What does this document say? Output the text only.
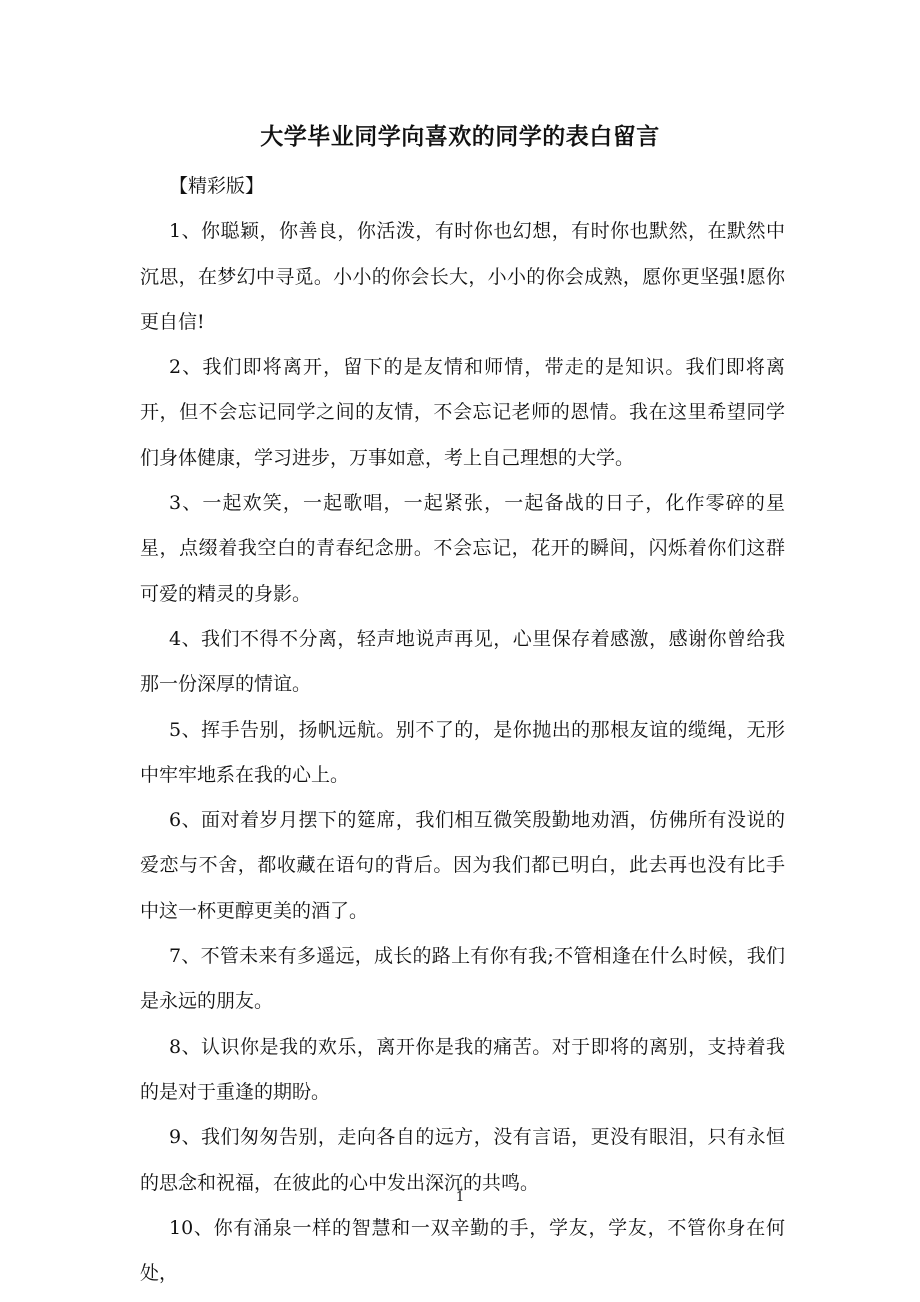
大学毕业同学向喜欢的同学的表白留言

【精彩版】

1、你聪颖，你善良，你活泼，有时你也幻想，有时你也默然，在默然中沉思，在梦幻中寻觅。小小的你会长大，小小的你会成熟，愿你更坚强!愿你更自信!

2、我们即将离开，留下的是友情和师情，带走的是知识。我们即将离开，但不会忘记同学之间的友情，不会忘记老师的恩情。我在这里希望同学们身体健康，学习进步，万事如意，考上自己理想的大学。

3、一起欢笑，一起歌唱，一起紧张，一起备战的日子，化作零碎的星星，点缀着我空白的青春纪念册。不会忘记，花开的瞬间，闪烁着你们这群可爱的精灵的身影。

4、我们不得不分离，轻声地说声再见，心里保存着感激，感谢你曾给我那一份深厚的情谊。

5、挥手告别，扬帆远航。别不了的，是你抛出的那根友谊的缆绳，无形中牢牢地系在我的心上。

6、面对着岁月摆下的筵席，我们相互微笑殷勤地劝酒，仿佛所有没说的爱恋与不舍，都收藏在语句的背后。因为我们都已明白，此去再也没有比手中这一杯更醇更美的酒了。

7、不管未来有多遥远，成长的路上有你有我;不管相逢在什么时候，我们是永远的朋友。

8、认识你是我的欢乐，离开你是我的痛苦。对于即将的离别，支持着我的是对于重逢的期盼。

9、我们匆匆告别，走向各自的远方，没有言语，更没有眼泪，只有永恒的思念和祝福，在彼此的心中发出深沉的共鸣。

10、你有涌泉一样的智慧和一双辛勤的手，学友，学友，不管你身在何处，

1
